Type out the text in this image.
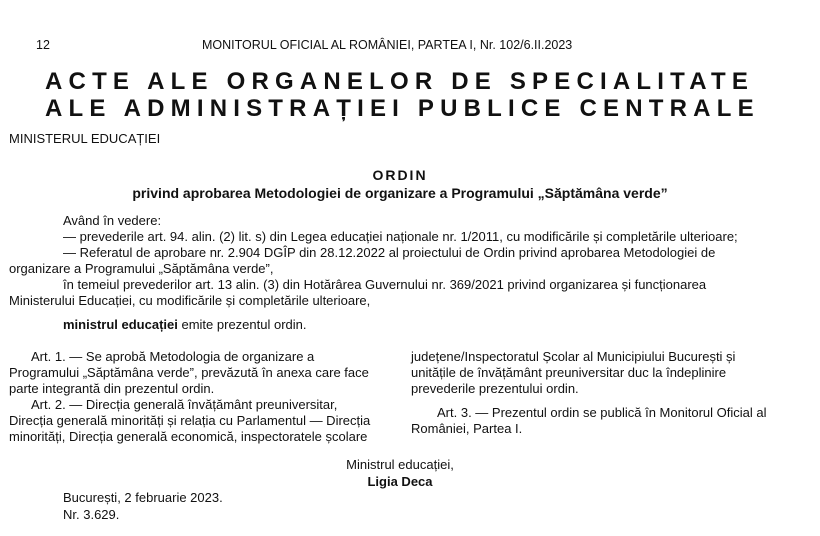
12	MONITORUL OFICIAL AL ROMÂNIEI, PARTEA I, Nr. 102/6.II.2023
ACTE ALE ORGANELOR DE SPECIALITATE
ALE ADMINISTRAȚIEI PUBLICE CENTRALE
MINISTERUL EDUCAȚIEI
ORDIN
privind aprobarea Metodologiei de organizare a Programului „Săptămâna verde”
Având în vedere:
— prevederile art. 94. alin. (2) lit. s) din Legea educației naționale nr. 1/2011, cu modificările și completările ulterioare;
— Referatul de aprobare nr. 2.904 DGÎP din 28.12.2022 al proiectului de Ordin privind aprobarea Metodologiei de
organizare a Programului „Săptămâna verde”,
în temeiul prevederilor art. 13 alin. (3) din Hotărârea Guvernului nr. 369/2021 privind organizarea și funcționarea
Ministerului Educației, cu modificările și completările ulterioare,
ministrul educației emite prezentul ordin.
Art. 1. — Se aprobă Metodologia de organizare a
Programului „Săptămâna verde”, prevăzută în anexa care face
parte integrantă din prezentul ordin.
Art. 2. — Direcția generală învățământ preuniversitar,
Direcția generală minorități și relația cu Parlamentul — Direcția
minorități, Direcția generală economică, inspectoratele școlare
județene/Inspectoratul Școlar al Municipiului București și
unitățile de învățământ preuniversitar duc la îndeplinire
prevederile prezentului ordin.
Art. 3. — Prezentul ordin se publică în Monitorul Oficial al
României, Partea I.
Ministrul educației,
Ligia Deca
București, 2 februarie 2023.
Nr. 3.629.
